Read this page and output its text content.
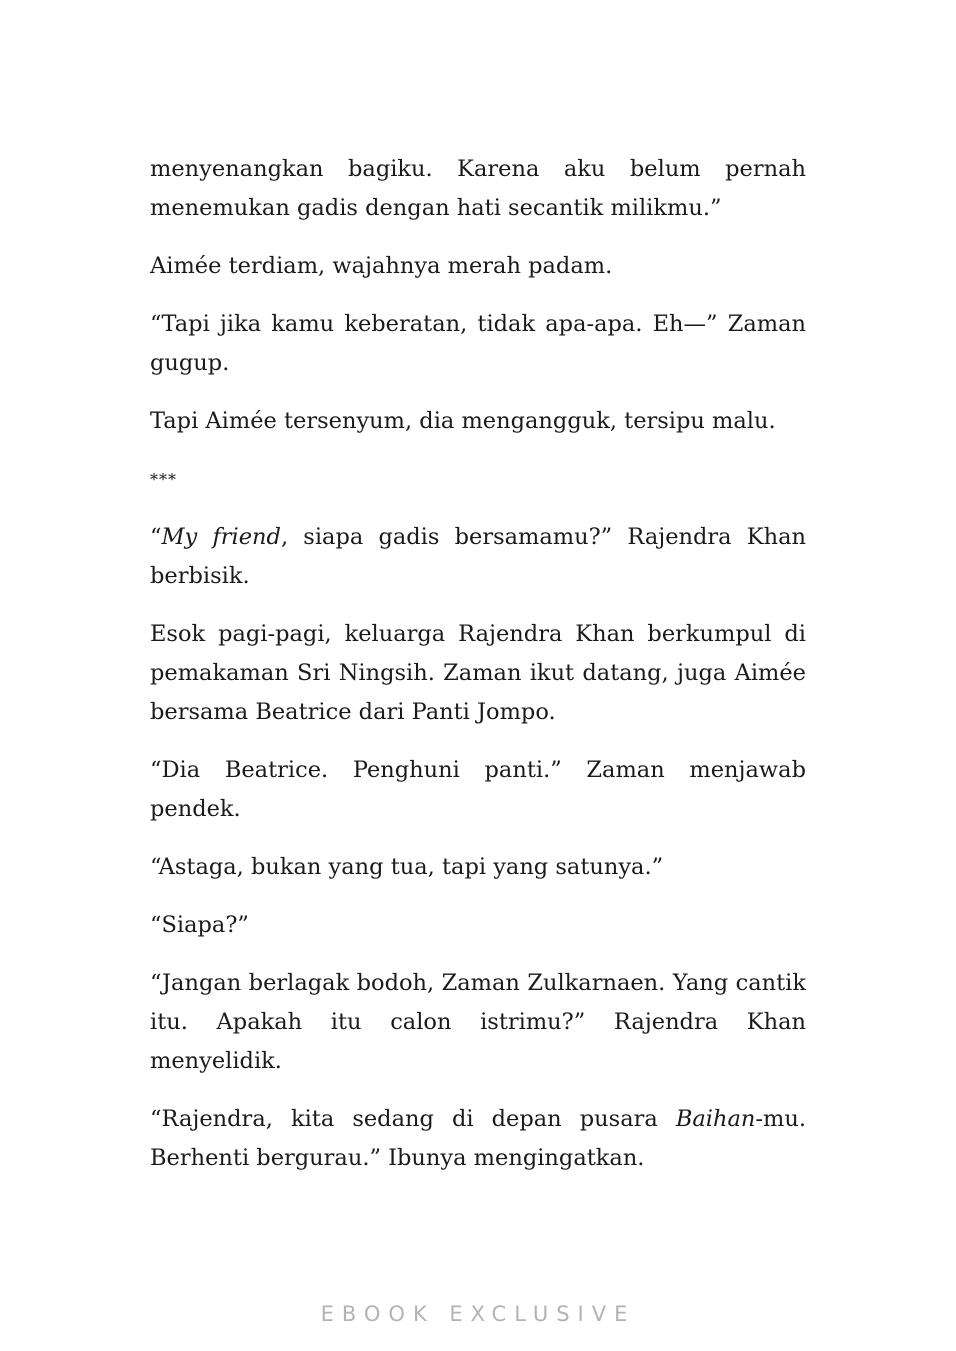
menyenangkan bagiku. Karena aku belum pernah menemukan gadis dengan hati secantik milikmu.”

Aimée terdiam, wajahnya merah padam.

“Tapi jika kamu keberatan, tidak apa-apa. Eh—” Zaman gugup.

Tapi Aimée tersenyum, dia mengangguk, tersipu malu.

***

“My friend, siapa gadis bersamamu?” Rajendra Khan berbisik.

Esok pagi-pagi, keluarga Rajendra Khan berkumpul di pemakaman Sri Ningsih. Zaman ikut datang, juga Aimée bersama Beatrice dari Panti Jompo.

“Dia Beatrice. Penghuni panti.” Zaman menjawab pendek.

“Astaga, bukan yang tua, tapi yang satunya.”

“Siapa?”

“Jangan berlagak bodoh, Zaman Zulkarnaen. Yang cantik itu. Apakah itu calon istrimu?” Rajendra Khan menyelidik.

“Rajendra, kita sedang di depan pusara Baihan-mu. Berhenti bergurau.” Ibunya mengingatkan.

EBOOK EXCLUSIVE
